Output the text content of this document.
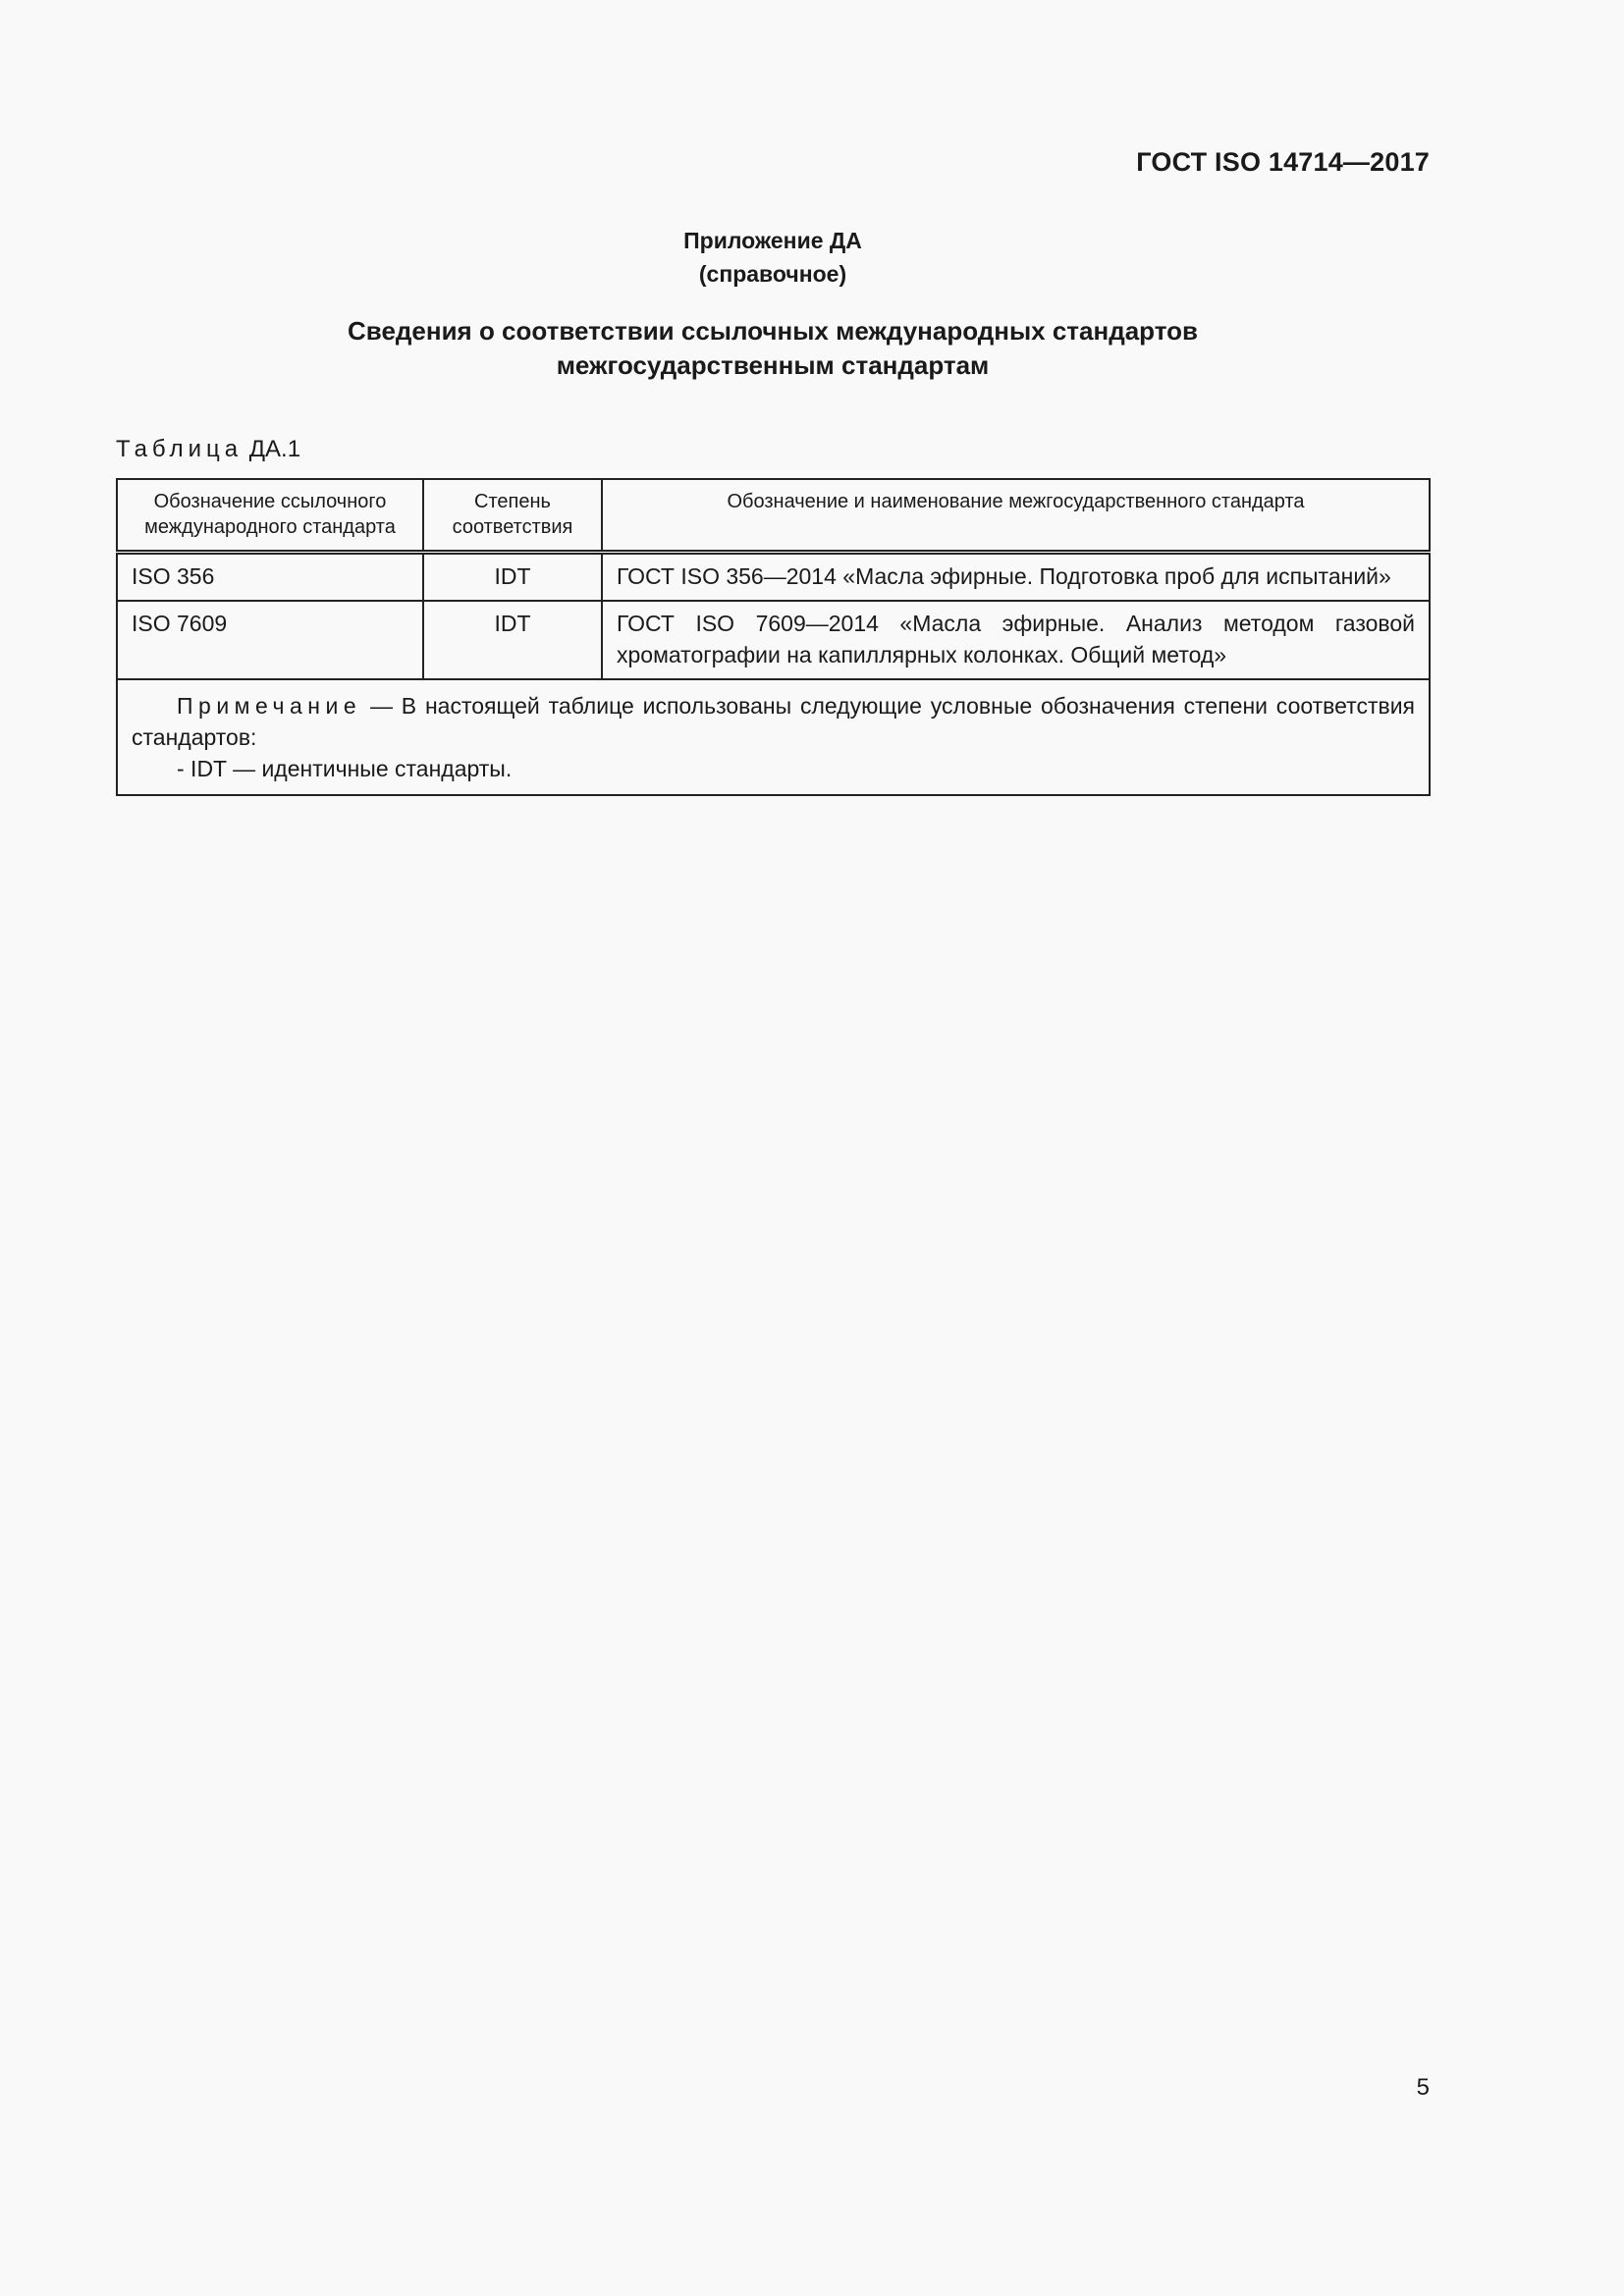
ГОСТ ISO 14714—2017
Приложение ДА
(справочное)
Сведения о соответствии ссылочных международных стандартов
межгосударственным стандартам
Таблица ДА.1
Обозначение ссылочного международного стандарта	Степень соответствия	Обозначение и наименование межгосударственного стандарта
ISO 356	IDT	ГОСТ ISO 356—2014 «Масла эфирные. Подготовка проб для испытаний»
ISO 7609	IDT	ГОСТ ISO 7609—2014 «Масла эфирные. Анализ методом газовой хроматографии на капиллярных колонках. Общий метод»

Примечание — В настоящей таблице использованы следующие условные обозначения степени соответствия стандартов:

- IDT — идентичные стандарты.		

5
